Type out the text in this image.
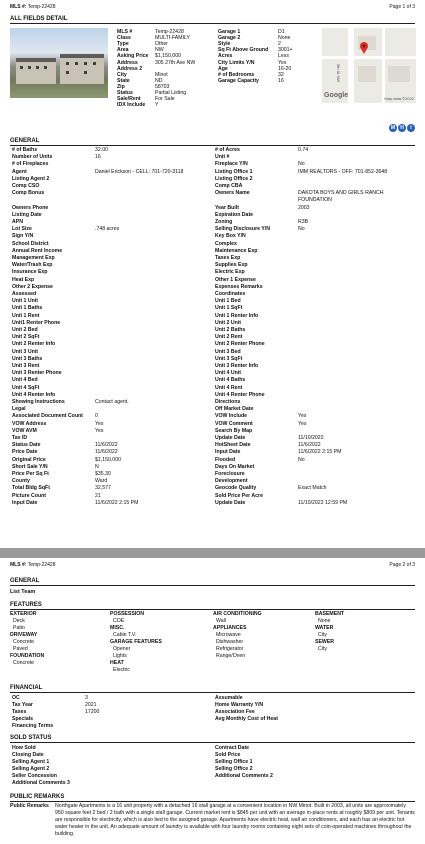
MLS #: Temp-22428	Page 1 of 3
ALL FIELDS DETAIL
MLS #	Temp-22428
Class	MULTI-FAMILY
Type	Other
Area	NW
Asking Price $1,150,000
Address	305 27th Ave NW
Address 2
City	Minot
State	ND
Zip	58703
Status	Partial Listing
Sale/Rent	For Sale
IDX Include Y
Garage 1	D1
Garage 2	None
Style	2
Sq Ft Above Ground 3001+
Acres	Less
City Limits Y/N	Yes
Age	16-20
# of Bedrooms	32
Garage Capacity	16	5th St NW
Google	Map data ©2022
M H I
GENERAL
# of Baths	32.00
Number of Units	16
# of Fireplaces
Agent	Daniel Erickson - CELL: 701-720-3118
Listing Agent 2
Comp CSO
Comp Bonus
Owners Phone
Listing Date
APN
Lot Size	.748 acres
Sign Y/N
School District
Annual Rent Income
Management Exp
Water/Trash Exp
Insurance Exp
Heat Exp
Other 2 Expense
Assessed
Unit 1 Unit
Unit 1 Baths
Unit 1 Rent
Unit1 Renter Phone
Unit 2 Bed
Unit 2 SqFt
Unit 2 Renter Info
Unit 3 Unit
Unit 3 Baths
Unit 3 Rent
Unit 3 Renter Phone
Unit 4 Bed
Unit 4 SqFt
Unit 4 Renter Info
Showing Instructions	Contact agent.
Legal
Associated Document Count 0
VOW Address	Yes
VOW AVM	Yes
Tax ID
Status Date	11/6/2022
Price Date	11/6/2022
Original Price	$1,150,000
Short Sale Y/N	N
Price Per Sq Ft	$35.30
County	Ward
Total Bldg SqFt	32,577
Picture Count	21
Input Date	11/6/2022 2:15 PM
# of Acres	0.74
Unit #
Fireplace Y/N	No
Listing Office 1	IMM REALTORS - OFF: 701-852-3648
Listing Office 2
Comp CBA
Owners Name	DAKOTA BOYS AND GIRLS RANCH
FOUNDATION
Year Built	2003
Expiration Date
Zoning	R3B
Selling Disclosure Y/N	No
Key Box Y/N
Complex
Maintenance Exp
Taxes Exp
Supplies Exp
Electric Exp
Other 1 Expense
Expenses Remarks
Coordinates
Unit 1 Bed
Unit 1 SqFt
Unit 1 Renter Info
Unit 2 Unit
Unit 2 Baths
Unit 2 Rent
Unit 2 Renter Phone
Unit 3 Bed
Unit 3 SqFt
Unit 3 Renter Info
Unit 4 Unit
Unit 4 Baths
Unit 4 Rent
Unit 4 Renter Phone
Directions
Off Market Date
VOW Include	Yes
VOW Comment	Yes
Search By Map
Update Date	11/10/2022
HotSheet Date	11/6/2022
Input Date	11/6/2022 2:15 PM
Flooded	No
Days On Market
Foreclosure
Development
Geocode Quality	Exact Match
Sold Price Per Acre
Update Date	11/10/2022 12:59 PM
MLS #: Temp-22428	Page 2 of 3
GENERAL
List Team
FEATURES
EXTERIOR
Deck
Patio
DRIVEWAY
Concrete
Paved
FOUNDATION
Concrete
POSSESSION
COE
MISC.
Cable T.V.
GARAGE FEATURES
Opener
Lights
HEAT
Electric
AIR CONDITIONING
Wall
APPLIANCES
Microwave
Dishwasher
Refrigerator
Range/Oven
BASEMENT
None
WATER
City
SEWER
City
FINANCIAL
OC	3
Tax Year	2021
Taxes	17200
Specials
Financing Terms
Assumable
Home Warranty Y/N
Association Fee
Avg Monthly Cost of Heat
SOLD STATUS
How Sold
Closing Date
Selling Agent 1
Selling Agent 2
Seller Concession
Additional Comments 3
Contract Date
Sold Price
Selling Office 1
Selling Office 2
Additional Comments 2
PUBLIC REMARKS
Public Remarks Northgate Apartments is a 16 unit property with a detached 16 stall garage at a convenient location in NW Minot. Built in 2003, all units are approximately 950 square feet 2 bed / 2 bath with a single stall garage. Current market rent is $845 per unit with an average in-place rents at roughly $809 per unit. Tenants are responsible for electricity, which is also tied to the assigned garage. Apartments have electric heat, wall air conditioners, and each has an electric hot water heater in the unit. An adequate amount of laundry is available with four laundry rooms containing eight sets of coin-operated machines throughout the building.
